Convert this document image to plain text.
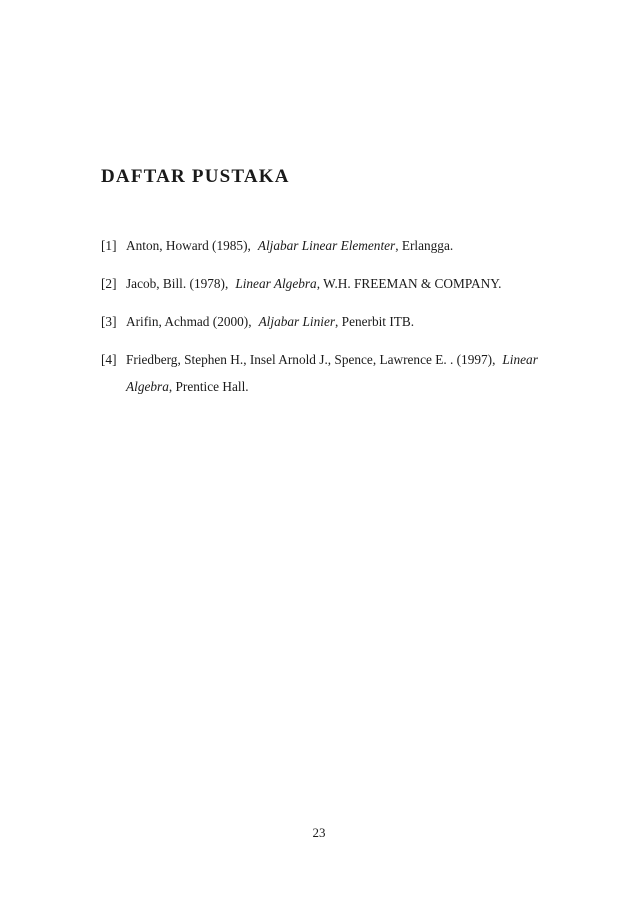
DAFTAR PUSTAKA
[1] Anton, Howard (1985), Aljabar Linear Elementer, Erlangga.
[2] Jacob, Bill. (1978), Linear Algebra, W.H. FREEMAN & COMPANY.
[3] Arifin, Achmad (2000), Aljabar Linier, Penerbit ITB.
[4] Friedberg, Stephen H., Insel Arnold J., Spence, Lawrence E. . (1997), Linear
Algebra, Prentice Hall.
23
